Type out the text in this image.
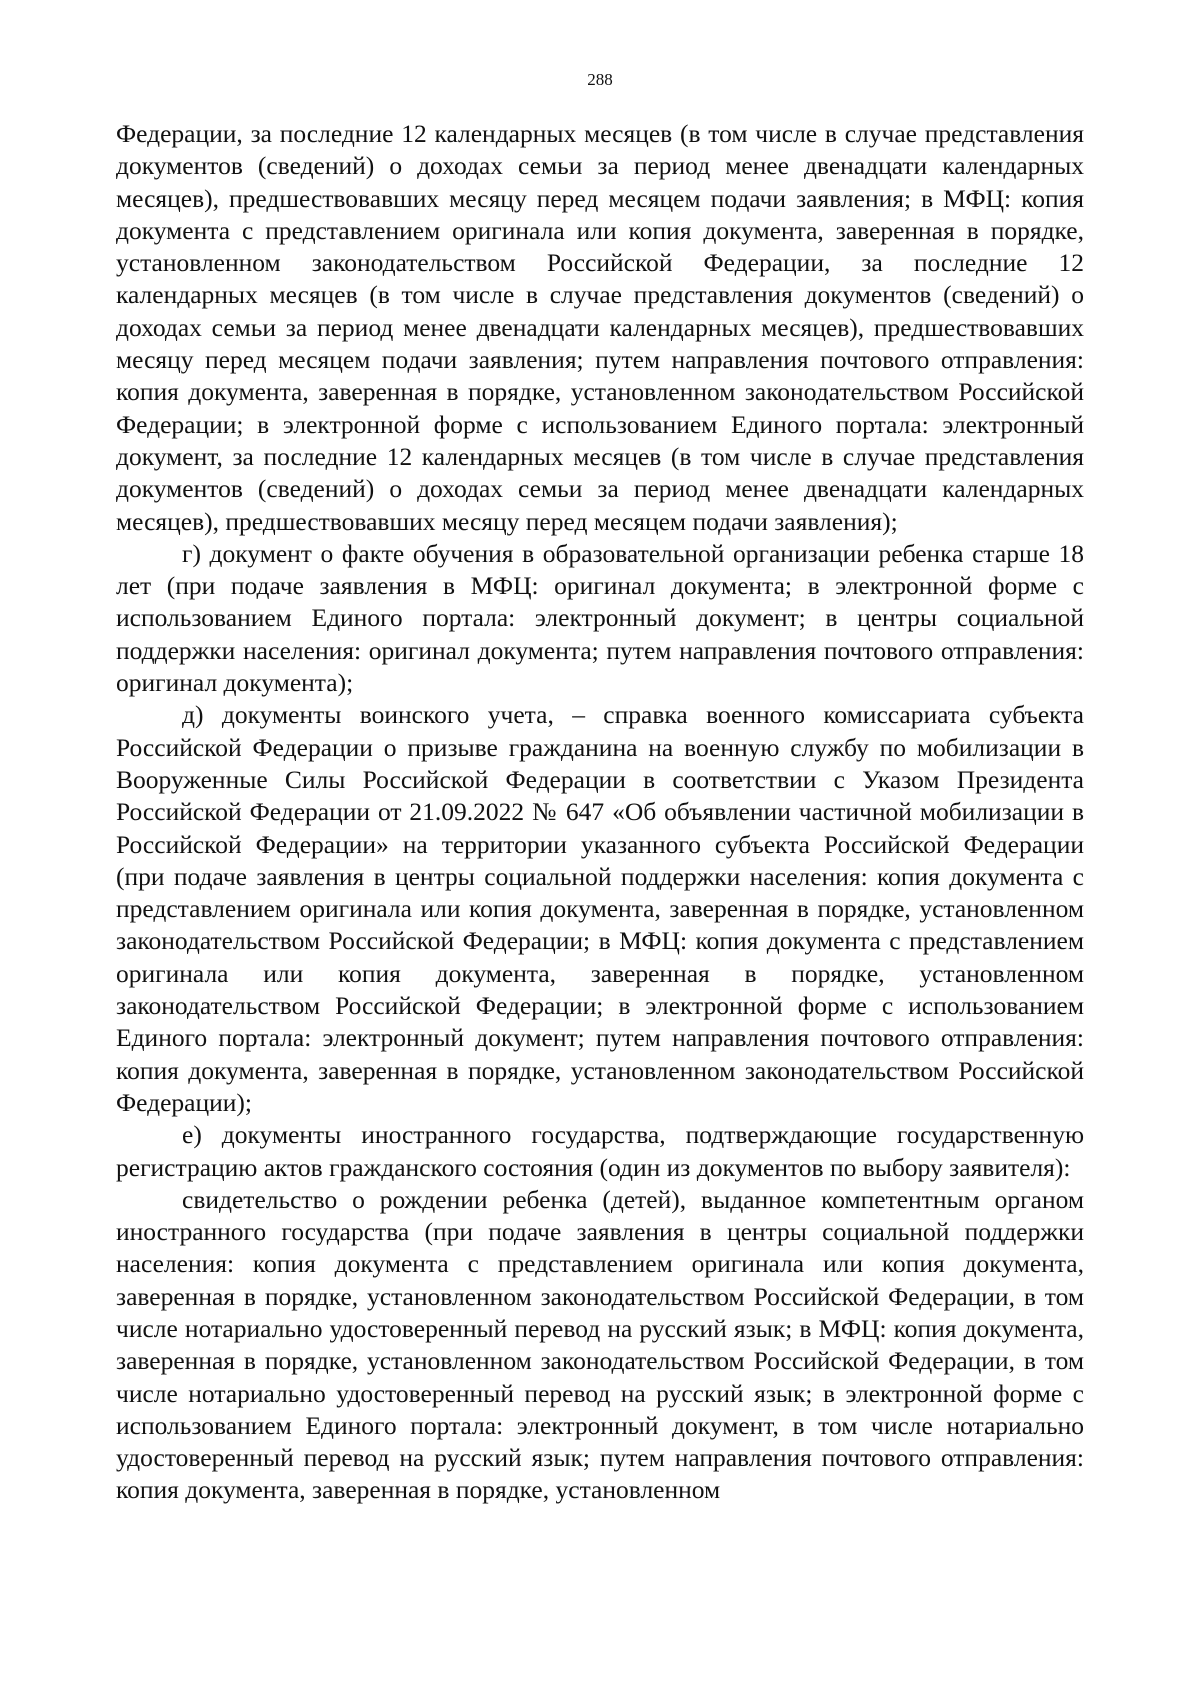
288

Федерации, за последние 12 календарных месяцев (в том числе в случае представления документов (сведений) о доходах семьи за период менее двенадцати календарных месяцев), предшествовавших месяцу перед месяцем подачи заявления; в МФЦ: копия документа с представлением оригинала или копия документа, заверенная в порядке, установленном законодательством Российской Федерации, за последние 12 календарных месяцев (в том числе в случае представления документов (сведений) о доходах семьи за период менее двенадцати календарных месяцев), предшествовавших месяцу перед месяцем подачи заявления; путем направления почтового отправления: копия документа, заверенная в порядке, установленном законодательством Российской Федерации; в электронной форме с использованием Единого портала: электронный документ, за последние 12 календарных месяцев (в том числе в случае представления документов (сведений) о доходах семьи за период менее двенадцати календарных месяцев), предшествовавших месяцу перед месяцем подачи заявления);

г) документ о факте обучения в образовательной организации ребенка старше 18 лет (при подаче заявления в МФЦ: оригинал документа; в электронной форме с использованием Единого портала: электронный документ; в центры социальной поддержки населения: оригинал документа; путем направления почтового отправления: оригинал документа);

д) документы воинского учета, – справка военного комиссариата субъекта Российской Федерации о призыве гражданина на военную службу по мобилизации в Вооруженные Силы Российской Федерации в соответствии с Указом Президента Российской Федерации от 21.09.2022 № 647 «Об объявлении частичной мобилизации в Российской Федерации» на территории указанного субъекта Российской Федерации (при подаче заявления в центры социальной поддержки населения: копия документа с представлением оригинала или копия документа, заверенная в порядке, установленном законодательством Российской Федерации; в МФЦ: копия документа с представлением оригинала или копия документа, заверенная в порядке, установленном законодательством Российской Федерации; в электронной форме с использованием Единого портала: электронный документ; путем направления почтового отправления: копия документа, заверенная в порядке, установленном законодательством Российской Федерации);

е) документы иностранного государства, подтверждающие государственную регистрацию актов гражданского состояния (один из документов по выбору заявителя):

свидетельство о рождении ребенка (детей), выданное компетентным органом иностранного государства (при подаче заявления в центры социальной поддержки населения: копия документа с представлением оригинала или копия документа, заверенная в порядке, установленном законодательством Российской Федерации, в том числе нотариально удостоверенный перевод на русский язык; в МФЦ: копия документа, заверенная в порядке, установленном законодательством Российской Федерации, в том числе нотариально удостоверенный перевод на русский язык; в электронной форме с использованием Единого портала: электронный документ, в том числе нотариально удостоверенный перевод на русский язык; путем направления почтового отправления: копия документа, заверенная в порядке, установленном
